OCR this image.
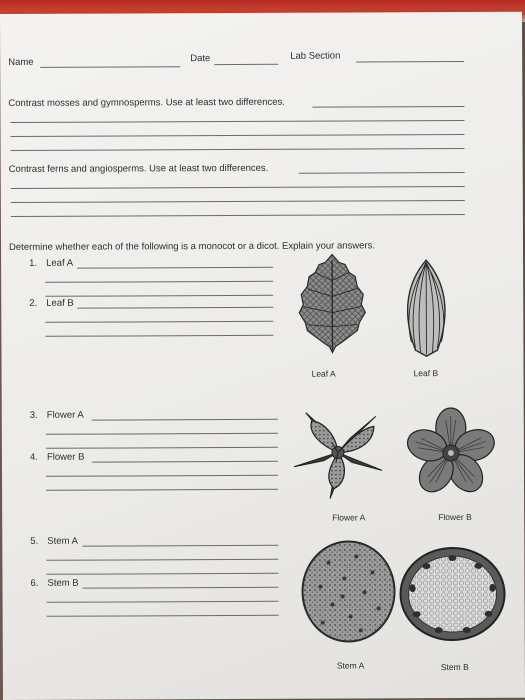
Name	Date	Lab Section
Contrast mosses and gymnosperms. Use at least two differences.
Contrast ferns and angiosperms. Use at least two differences.
Determine whether each of the following is a monocot or a dicot. Explain your answers.
1. Leaf A
2. Leaf B
3. Flower A
4. Flower B
5. Stem A
6. Stem B
Leaf A	Leaf B
Flower A	Flower B
Stem A	Stem B
